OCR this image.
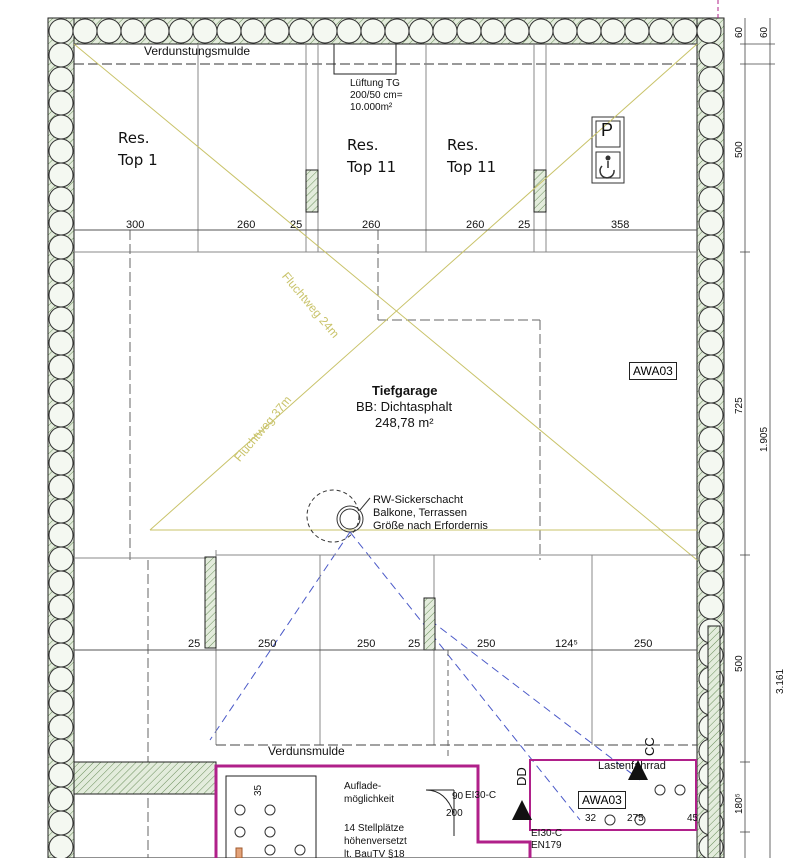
Verdunstungsmulde
Lüftung TG
200/50 cm=
10.000m²
Res.
Top 1
Res.
Top 11
Res.
Top 11
P
300	260	25	260	260	25	358
Fluchtweg 24m
Fluchtweg 37m
Tiefgarage
BB: Dichtasphalt
248,78 m²
AWA03
RW-Sickerschacht
Balkone, Terrassen
Größe nach Erfordernis
25	250	250	25	250	124⁵	250
Verdunsmulde	CC
DD
Lastenfahrrad
AWA03
Auflade-
möglichkeit
14 Stellplätze
höhenversetzt
lt. BauTV §18
90 EI30-C
200
EI30-C
EN179
32	275	45
35
60 60
500
725
1.905
500
3.161
180⁵
